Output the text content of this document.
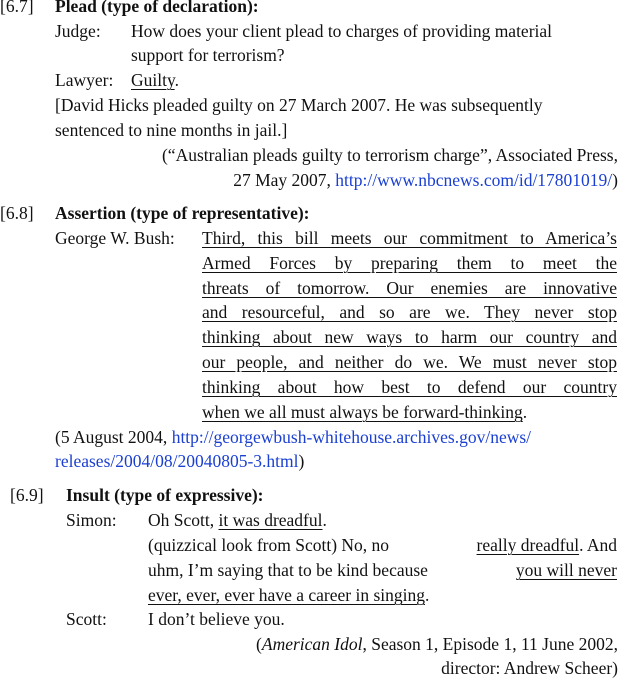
[6.7] Plead (type of declaration):
Judge: How does your client plead to charges of providing material
support for terrorism?
Lawyer: Guilty.
[David Hicks pleaded guilty on 27 March 2007. He was subsequently
sentenced to nine months in jail.]
(“Australian pleads guilty to terrorism charge”, Associated Press,
27 May 2007, http://www.nbcnews.com/id/17801019/)
[6.8] Assertion (type of representative):
George W. Bush: Third, this bill meets our commitment to America’s
Armed Forces by preparing them to meet the
threats of tomorrow. Our enemies are innovative
and resourceful, and so are we. They never stop
thinking about new ways to harm our country and
our people, and neither do we. We must never stop
thinking about how best to defend our country
when we all must always be forward-thinking.
(5 August 2004, http://georgewbush-whitehouse.archives.gov/news/
releases/2004/08/20040805-3.html)
[6.9] Insult (type of expressive):
Simon: Oh Scott, it was dreadful.
(quizzical look from Scott) No, no	really dreadful. And
uhm, I’m saying that to be kind because	you will never
ever, ever, ever have a career in singing.
Scott: I don’t believe you.
(American Idol, Season 1, Episode 1, 11 June 2002,
director: Andrew Scheer)
